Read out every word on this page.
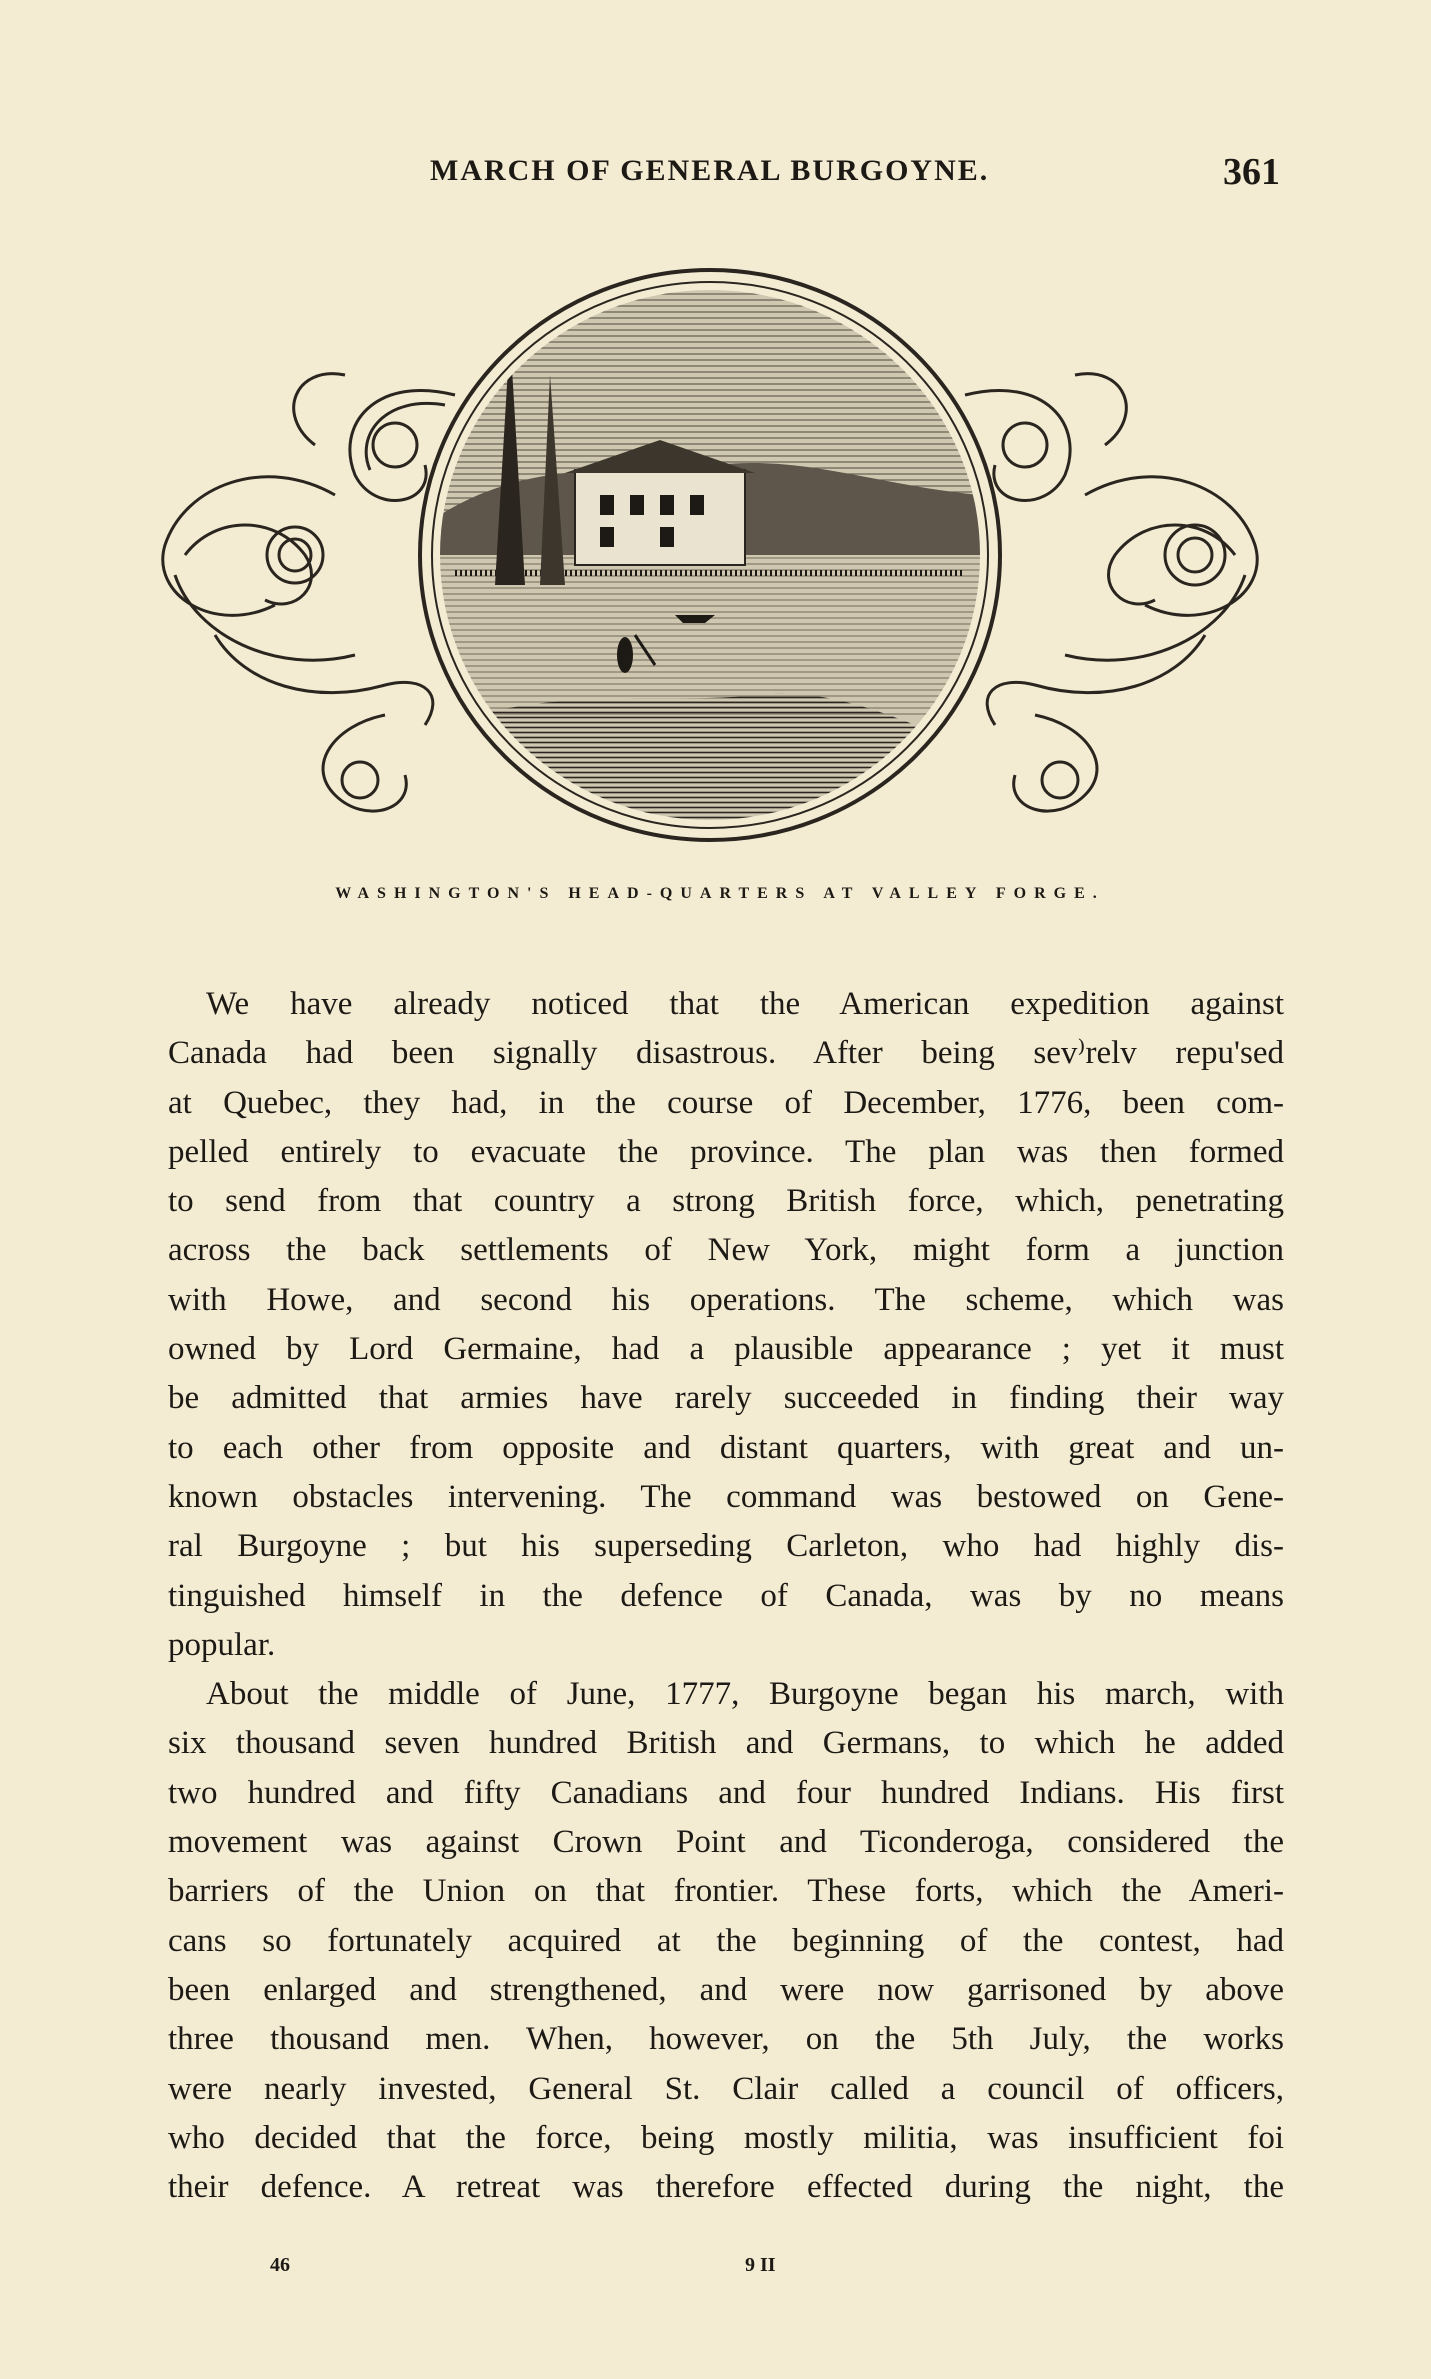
MARCH OF GENERAL BURGOYNE.	361
WASHINGTON'S HEAD-QUARTERS AT VALLEY FORGE.
We have already noticed that the American expedition against
Canada had been signally disastrous. After being sev⁾relv repu'sed
at Quebec, they had, in the course of December, 1776, been com-
pelled entirely to evacuate the province. The plan was then formed
to send from that country a strong British force, which, penetrating
across the back settlements of New York, might form a junction
with Howe, and second his operations. The scheme, which was
owned by Lord Germaine, had a plausible appearance ; yet it must
be admitted that armies have rarely succeeded in finding their way
to each other from opposite and distant quarters, with great and un-
known obstacles intervening. The command was bestowed on Gene-
ral Burgoyne ; but his superseding Carleton, who had highly dis-
tinguished himself in the defence of Canada, was by no means
popular.
About the middle of June, 1777, Burgoyne began his march, with
six thousand seven hundred British and Germans, to which he added
two hundred and fifty Canadians and four hundred Indians. His first
movement was against Crown Point and Ticonderoga, considered the
barriers of the Union on that frontier. These forts, which the Ameri-
cans so fortunately acquired at the beginning of the contest, had
been enlarged and strengthened, and were now garrisoned by above
three thousand men. When, however, on the 5th July, the works
were nearly invested, General St. Clair called a council of officers,
who decided that the force, being mostly militia, was insufficient foi
their defence. A retreat was therefore effected during the night, the
46	9 II
